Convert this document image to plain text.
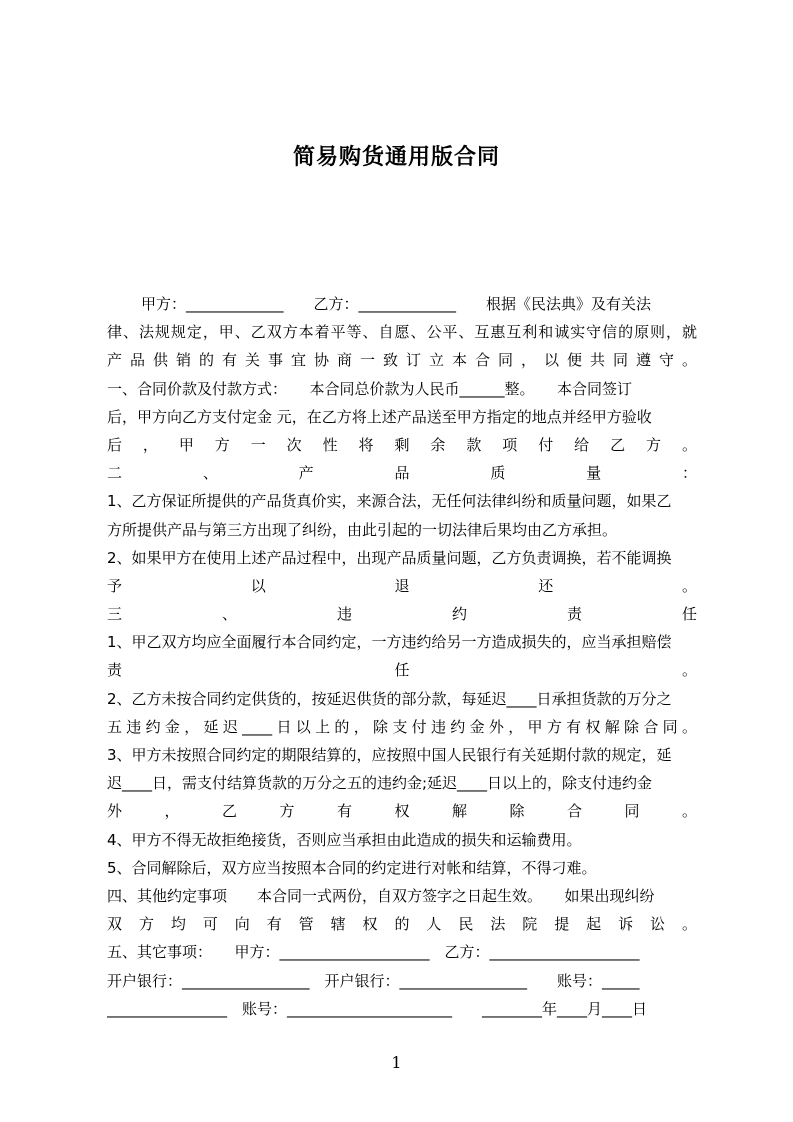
简易购货通用版合同
甲方：_____________　　乙方：_____________　　根据《民法典》及有关法
律、法规规定，甲、乙双方本着平等、自愿、公平、互惠互利和诚实守信的原则，就
产品供销的有关事宜协商一致订立本合同，以便共同遵守。
一、合同价款及付款方式：　　本合同总价款为人民币______整。　　本合同签订
后，甲方向乙方支付定金 元，在乙方将上述产品送至甲方指定的地点并经甲方验收
后，甲方一次性将剩余款项付给乙方。
二、产品质量：
1、乙方保证所提供的产品货真价实，来源合法，无任何法律纠纷和质量问题，如果乙
方所提供产品与第三方出现了纠纷，由此引起的一切法律后果均由乙方承担。
2、如果甲方在使用上述产品过程中，出现产品质量问题，乙方负责调换，若不能调换
予以退还。
三、违约责任
1、甲乙双方均应全面履行本合同约定，一方违约给另一方造成损失的，应当承担赔偿
责任。
2、乙方未按合同约定供货的，按延迟供货的部分款，每延迟____日承担货款的万分之
五违约金，延迟____日以上的，除支付违约金外，甲方有权解除合同。
3、甲方未按照合同约定的期限结算的，应按照中国人民银行有关延期付款的规定，延
迟____日，需支付结算货款的万分之五的违约金;延迟____日以上的，除支付违约金
外，乙方有权解除合同。
4、甲方不得无故拒绝接货，否则应当承担由此造成的损失和运输费用。
5、合同解除后，双方应当按照本合同的约定进行对帐和结算，不得刁难。
四、其他约定事项　　本合同一式两份，自双方签字之日起生效。　　如果出现纠纷
双方均可向有管辖权的人民法院提起诉讼。
五、其它事项：　　甲方：____________________　乙方：____________________
开户银行：_________________　开户银行：_________________　　账号：_____
________________　账号：______________________　　________年____月____日
1
